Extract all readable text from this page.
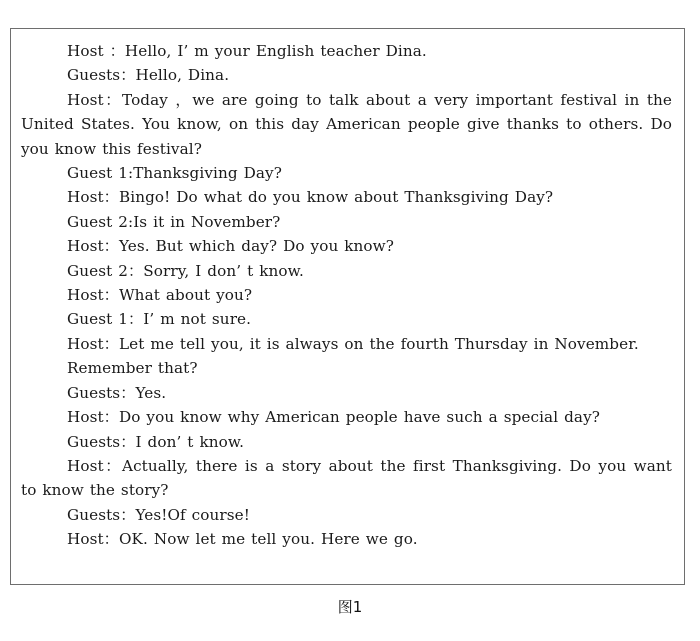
Host ：Hello, I’ m your English teacher Dina.

Guests：Hello, Dina.

Host：Today ，we are going to talk about a very important festival in the United States. You know, on this day American people give thanks to others. Do you know this festival?

Guest 1:Thanksgiving Day?

Host：Bingo! Do what do you know about Thanksgiving Day?

Guest 2:Is it in November?

Host：Yes. But which day? Do you know?

Guest 2：Sorry, I don’ t know.

Host：What about you?

Guest 1：I’ m not sure.

Host：Let me tell you, it is always on the fourth Thursday in November.

Remember that?

Guests：Yes.

Host：Do you know why American people have such a special day?

Guests：I don’ t know.

Host：Actually, there is a story about the first Thanksgiving. Do you want to know the story?

Guests：Yes!Of course!

Host：OK. Now let me tell you. Here we go.

图1
